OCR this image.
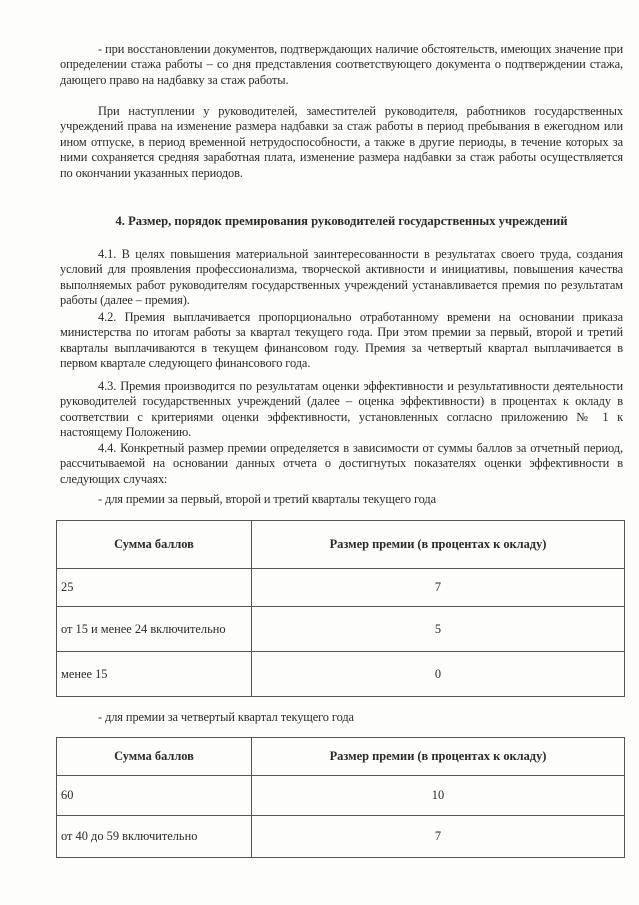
- при восстановлении документов, подтверждающих наличие обстоятельств, имеющих значение при определении стажа работы – со дня представления соответствующего документа о подтверждении стажа, дающего право на надбавку за стаж работы.
При наступлении у руководителей, заместителей руководителя, работников государственных учреждений права на изменение размера надбавки за стаж работы в период пребывания в ежегодном или ином отпуске, в период временной нетрудоспособности, а также в другие периоды, в течение которых за ними сохраняется средняя заработная плата, изменение размера надбавки за стаж работы осуществляется по окончании указанных периодов.
4. Размер, порядок премирования руководителей государственных учреждений
4.1. В целях повышения материальной заинтересованности в результатах своего труда, создания условий для проявления профессионализма, творческой активности и инициативы, повышения качества выполняемых работ руководителям государственных учреждений устанавливается премия по результатам работы (далее – премия).
4.2. Премия выплачивается пропорционально отработанному времени на основании приказа министерства по итогам работы за квартал текущего года. При этом премии за первый, второй и третий кварталы выплачиваются в текущем финансовом году. Премия за четвертый квартал выплачивается в первом квартале следующего финансового года.
4.3. Премия производится по результатам оценки эффективности и результативности деятельности руководителей государственных учреждений (далее – оценка эффективности) в процентах к окладу в соответствии с критериями оценки эффективности, установленных согласно приложению № 1 к настоящему Положению.
4.4. Конкретный размер премии определяется в зависимости от суммы баллов за отчетный период, рассчитываемой на основании данных отчета о достигнутых показателях оценки эффективности в следующих случаях:
- для премии за первый, второй и третий кварталы текущего года
Сумма баллов	Размер премии (в процентах к окладу)
25	7
от 15 и менее 24 включительно	5
менее 15	0
- для премии за четвертый квартал текущего года
Сумма баллов	Размер премии (в процентах к окладу)
60	10
от 40 до 59 включительно	7
